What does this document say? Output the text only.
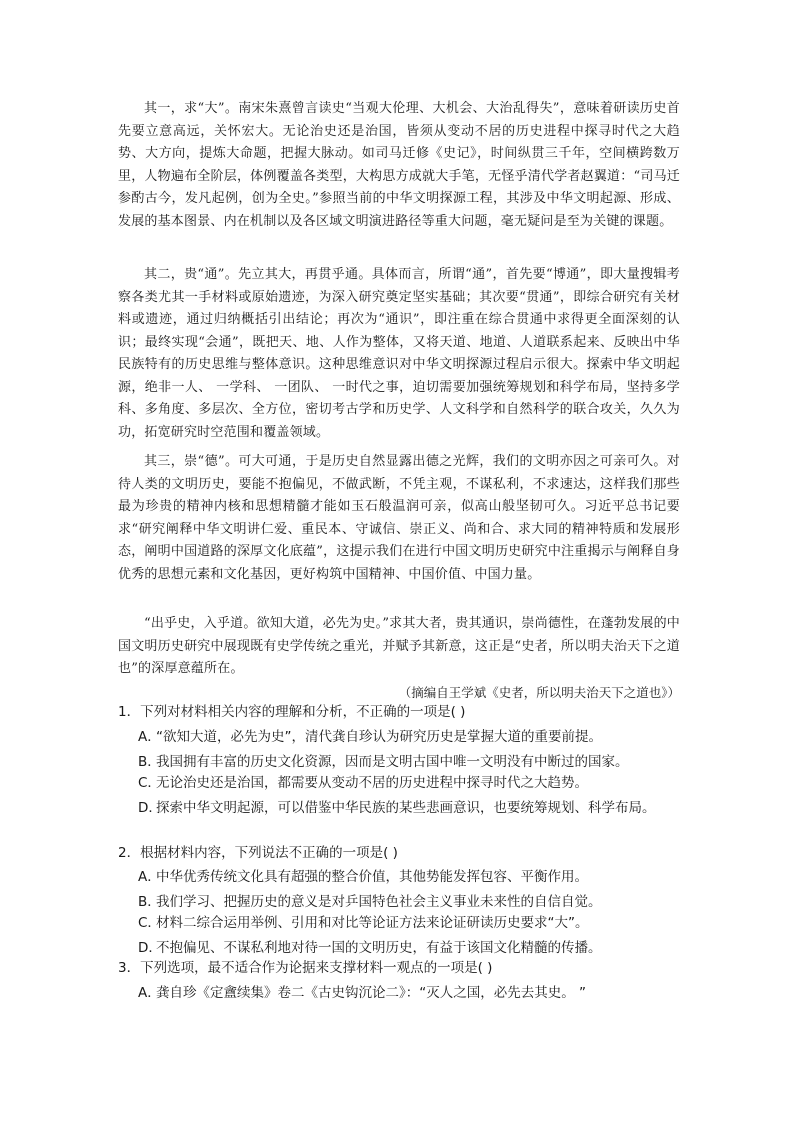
其一，求“大”。南宋朱熹曾言读史“当观大伦理、大机会、大治乱得失”，意味着研读历史首先要立意高远，关怀宏大。无论治史还是治国，皆须从变动不居的历史进程中探寻时代之大趋势、大方向，提炼大命题，把握大脉动。如司马迁修《史记》，时间纵贯三千年，空间横跨数万里，人物遍布全阶层，体例覆盖各类型，大构思方成就大手笔，无怪乎清代学者赵翼道：“司马迁参酌古今，发凡起例，创为全史。”参照当前的中华文明探源工程，其涉及中华文明起源、形成、发展的基本图景、内在机制以及各区域文明演进路径等重大问题，毫无疑问是至为关键的课题。

其二，贵“通”。先立其大，再贯乎通。具体而言，所谓“通”，首先要“博通”，即大量搜辑考察各类尤其一手材料或原始遗迹，为深入研究奠定坚实基础；其次要“贯通”，即综合研究有关材料或遗迹，通过归纳概括引出结论；再次为“通识”，即注重在综合贯通中求得更全面深刻的认识；最终实现“会通”，既把天、地、人作为整体，又将天道、地道、人道联系起来、反映出中华民族特有的历史思维与整体意识。这种思维意识对中华文明探源过程启示很大。探索中华文明起源，绝非一人、 一学科、 一团队、 一时代之事，迫切需要加强统筹规划和科学布局，坚持多学科、多角度、多层次、全方位，密切考古学和历史学、人文科学和自然科学的联合攻关，久久为功，拓宽研究时空范围和覆盖领域。

其三，崇“德”。可大可通，于是历史自然显露出德之光辉，我们的文明亦因之可亲可久。对待人类的文明历史，要能不抱偏见，不做武断，不凭主观，不谋私利，不求速达，这样我们那些最为珍贵的精神内核和思想精髓才能如玉石般温润可亲，似高山般坚韧可久。习近平总书记要求“研究阐释中华文明讲仁爱、重民本、守诚信、崇正义、尚和合、求大同的精神特质和发展形态，阐明中国道路的深厚文化底蕴”，这提示我们在进行中国文明历史研究中注重揭示与阐释自身优秀的思想元素和文化基因，更好构筑中国精神、中国价值、中国力量。

“出乎史，入乎道。欲知大道，必先为史。”求其大者，贵其通识，崇尚德性，在蓬勃发展的中国文明历史研究中展现既有史学传统之重光，并赋予其新意，这正是“史者，所以明夫治天下之道也”的深厚意蕴所在。

（摘编自王学斌《史者，所以明夫治天下之道也》）

1．下列对材料相关内容的理解和分析，不正确的一项是( )

A．“欲知大道，必先为史”，清代龚自珍认为研究历史是掌握大道的重要前提。

B．我国拥有丰富的历史文化资源，因而是文明古国中唯一文明没有中断过的国家。

C．无论治史还是治国，都需要从变动不居的历史进程中探寻时代之大趋势。

D．探索中华文明起源，可以借鉴中华民族的某些悲画意识，也要统筹规划、科学布局。

2．根据材料内容，下列说法不正确的一项是( )

A．中华优秀传统文化具有超强的整合价值，其他势能发挥包容、平衡作用。

B．我们学习、把握历史的意义是对乒国特色社会主义事业未来性的自信自觉。

C．材料二综合运用举例、引用和对比等论证方法来论证研读历史要求“大”。

D．不抱偏见、不谋私利地对待一国的文明历史，有益于该国文化精髓的传播。

3．下列选项，最不适合作为论据来支撑材料一观点的一项是( )

A．龚自珍《定盦续集》卷二《古史钩沉论二》：“灭人之国，必先去其史。 ”
